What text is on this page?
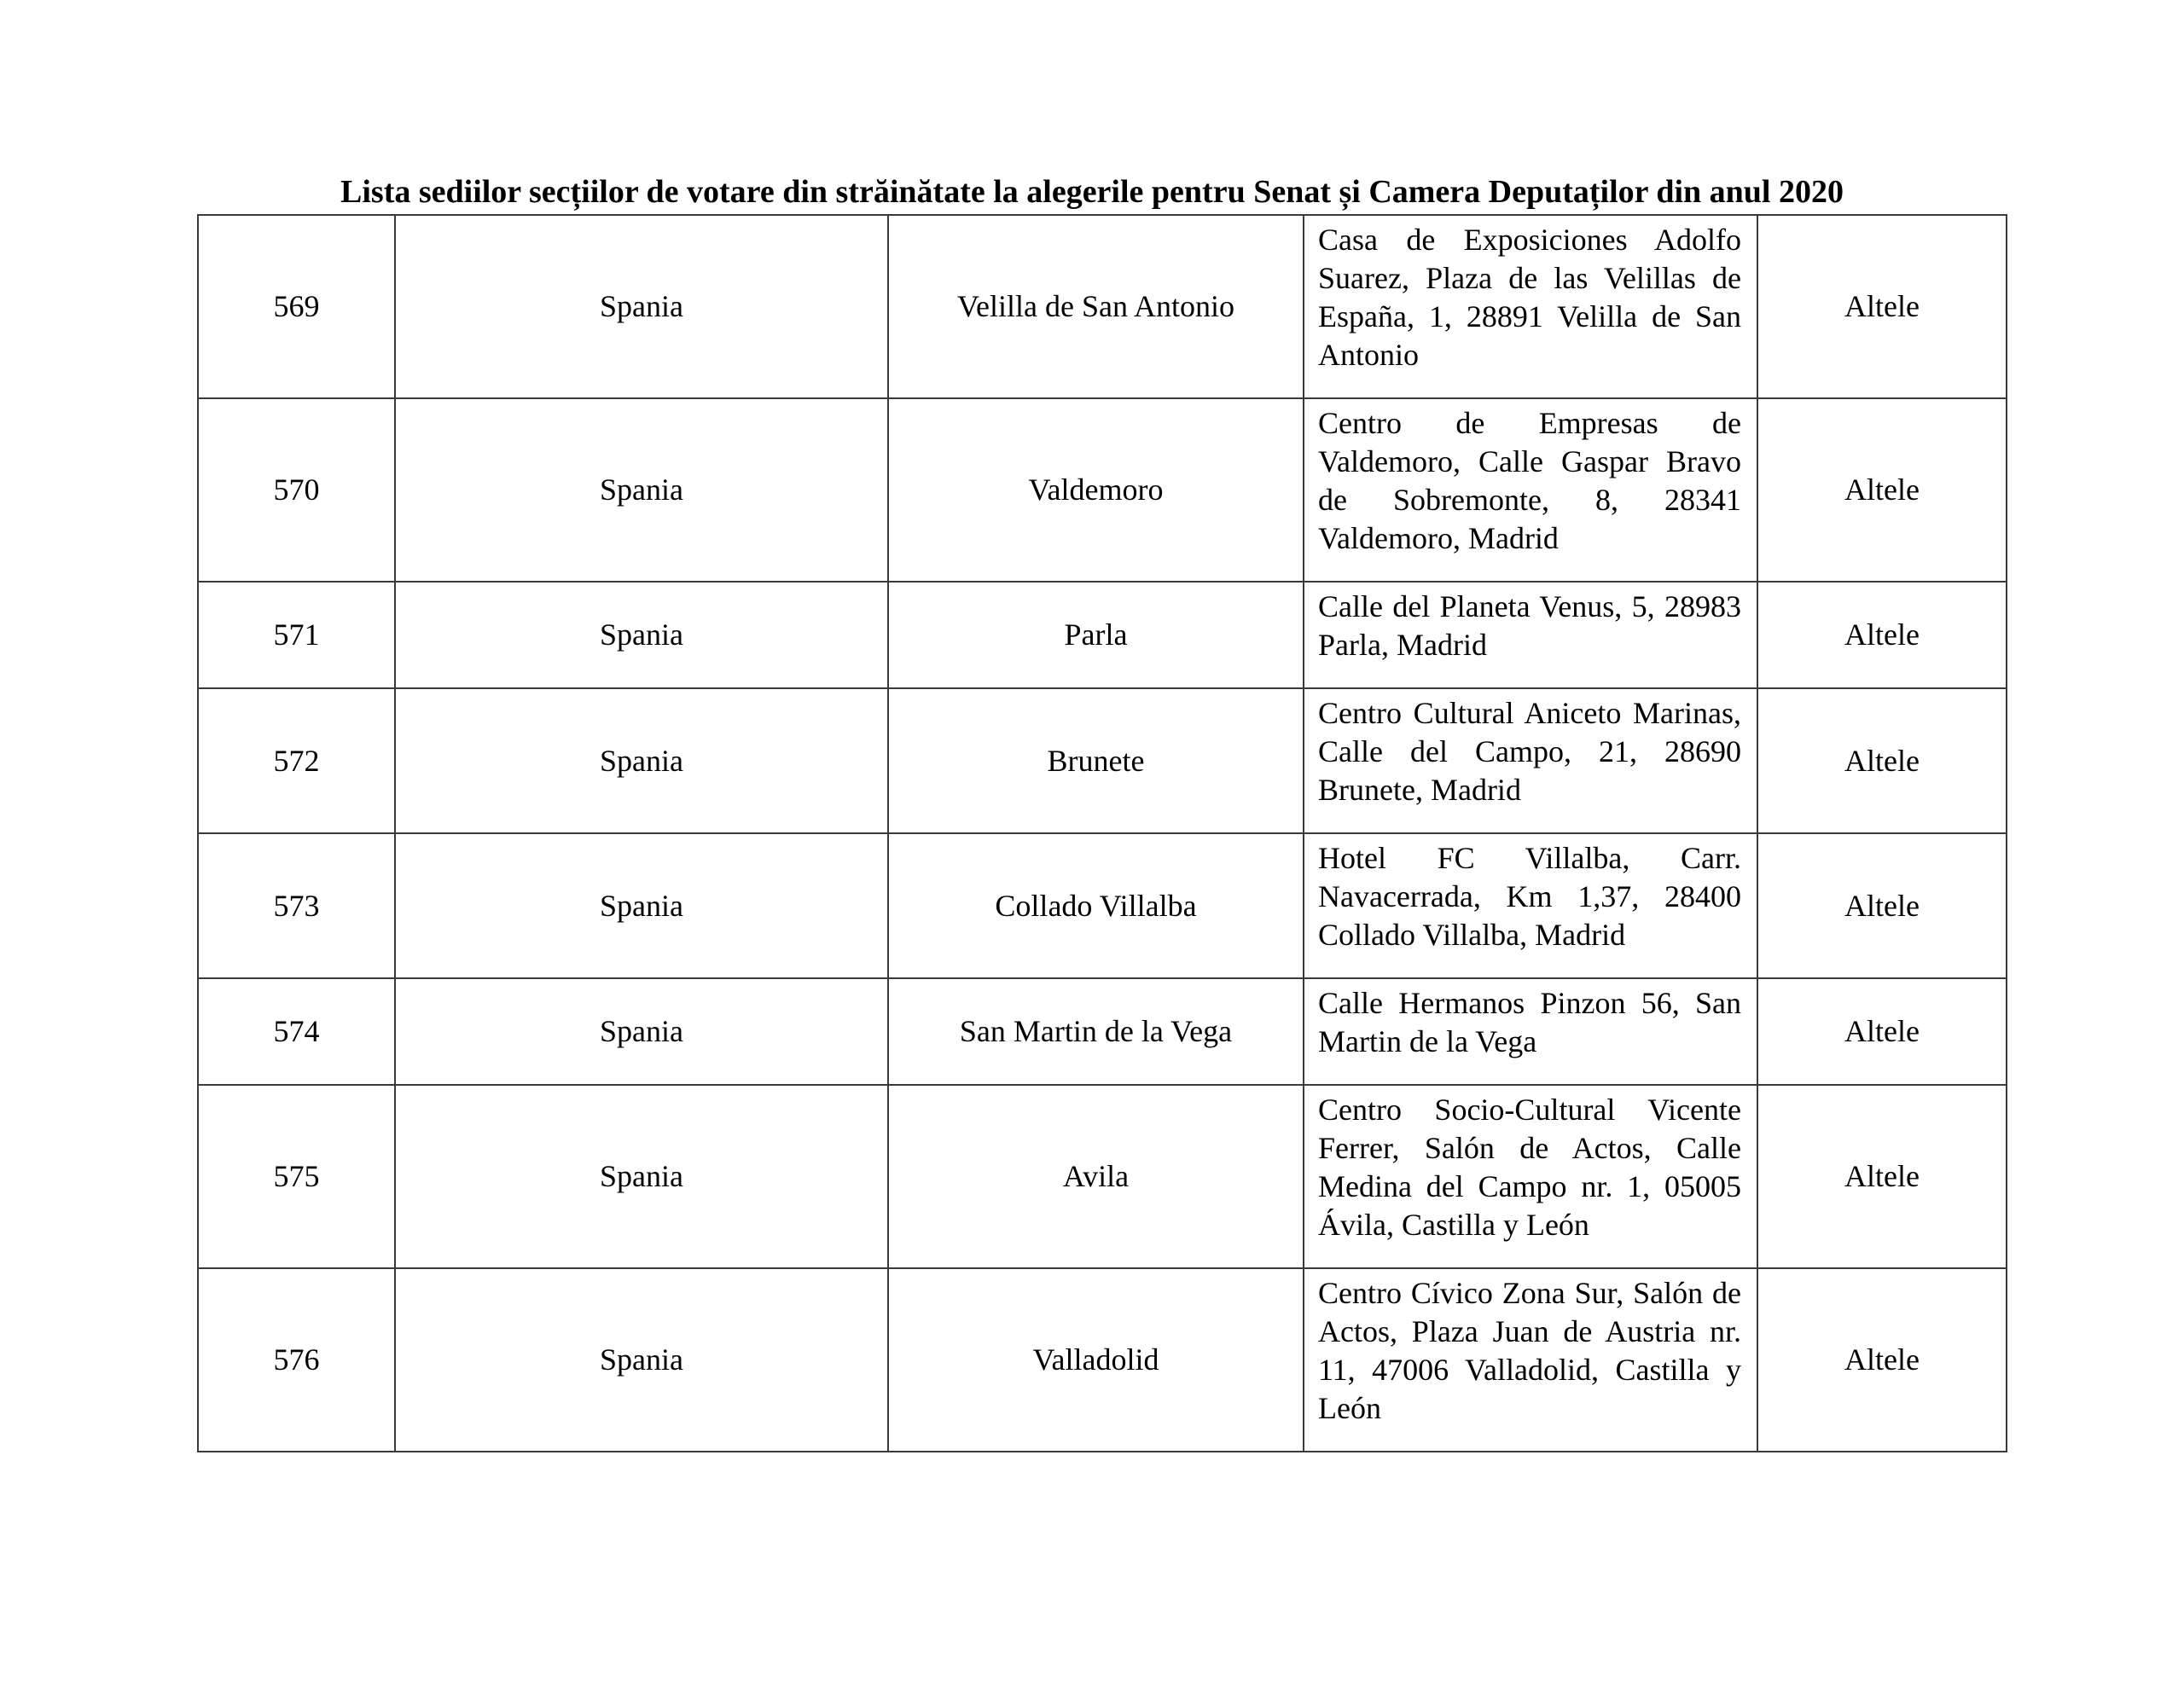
Lista sediilor secțiilor de votare din străinătate la alegerile pentru Senat și Camera Deputaților din anul 2020
569	Spania	Velilla de San Antonio	Casa de Exposiciones Adolfo Suarez, Plaza de las Velillas de España, 1, 28891 Velilla de San Antonio	Altele
570	Spania	Valdemoro	Centro de Empresas de Valdemoro, Calle Gaspar Bravo de Sobremonte, 8, 28341 Valdemoro, Madrid	Altele
571	Spania	Parla	Calle del Planeta Venus, 5, 28983 Parla, Madrid	Altele
572	Spania	Brunete	Centro Cultural Aniceto Marinas, Calle del Campo, 21, 28690 Brunete, Madrid	Altele
573	Spania	Collado Villalba	Hotel FC Villalba, Carr. Navacerrada, Km 1,37, 28400 Collado Villalba, Madrid	Altele
574	Spania	San Martin de la Vega	Calle Hermanos Pinzon 56, San Martin de la Vega	Altele
575	Spania	Avila	Centro Socio-Cultural Vicente Ferrer, Salón de Actos, Calle Medina del Campo nr. 1, 05005 Ávila, Castilla y León	Altele
576	Spania	Valladolid	Centro Cívico Zona Sur, Salón de Actos, Plaza Juan de Austria nr. 11, 47006 Valladolid, Castilla y León	Altele
